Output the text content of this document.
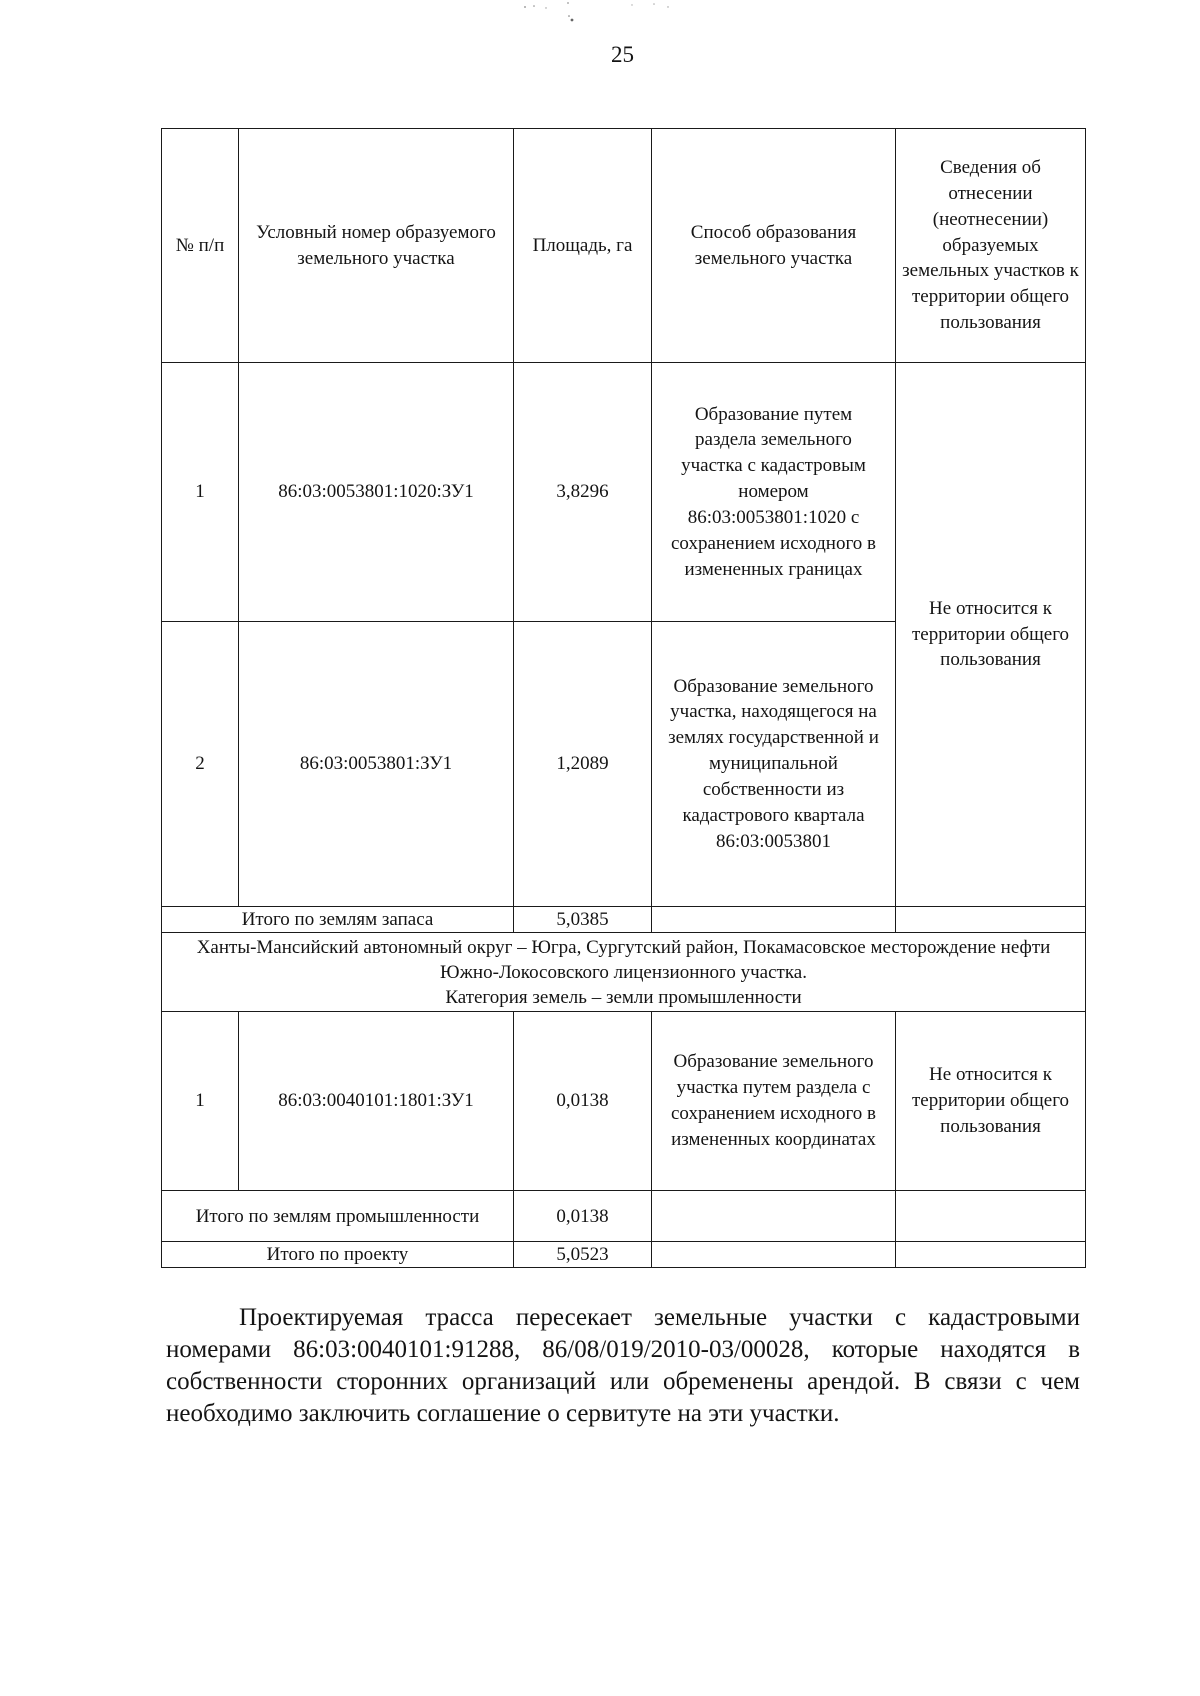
25
№ п/п	Условный номер образуемого земельного участка	Площадь, га	Способ образования земельного участка	Сведения об отнесении (неотнесении) образуемых земельных участков к территории общего пользования
1	86:03:0053801:1020:ЗУ1	3,8296	Образование путем раздела земельного участка с кадастровым номером 86:03:0053801:1020 с сохранением исходного в измененных границах	Не относится к территории общего пользования
2	86:03:0053801:ЗУ1	1,2089	Образование земельного участка, находящегося на землях государственной и муниципальной собственности из кадастрового квартала 86:03:0053801	
Итого по землям запаса		5,0385		

Ханты-Мансийский автономный округ – Югра, Сургутский район, Покамасовское месторождение нефти Южно-Локосовского лицензионного участка.
Категория земель – земли промышленности				

1	86:03:0040101:1801:ЗУ1	0,0138	Образование земельного участка путем раздела с сохранением исходного в измененных координатах	Не относится к территории общего пользования
Итого по землям промышленности		0,0138		
Итого по проекту		5,0523		

Проектируемая трасса пересекает земельные участки с кадастровыми номерами 86:03:0040101:91288, 86/08/019/2010-03/00028, которые находятся в собственности сторонних организаций или обременены арендой. В связи с чем необходимо заключить соглашение о сервитуте на эти участки.
